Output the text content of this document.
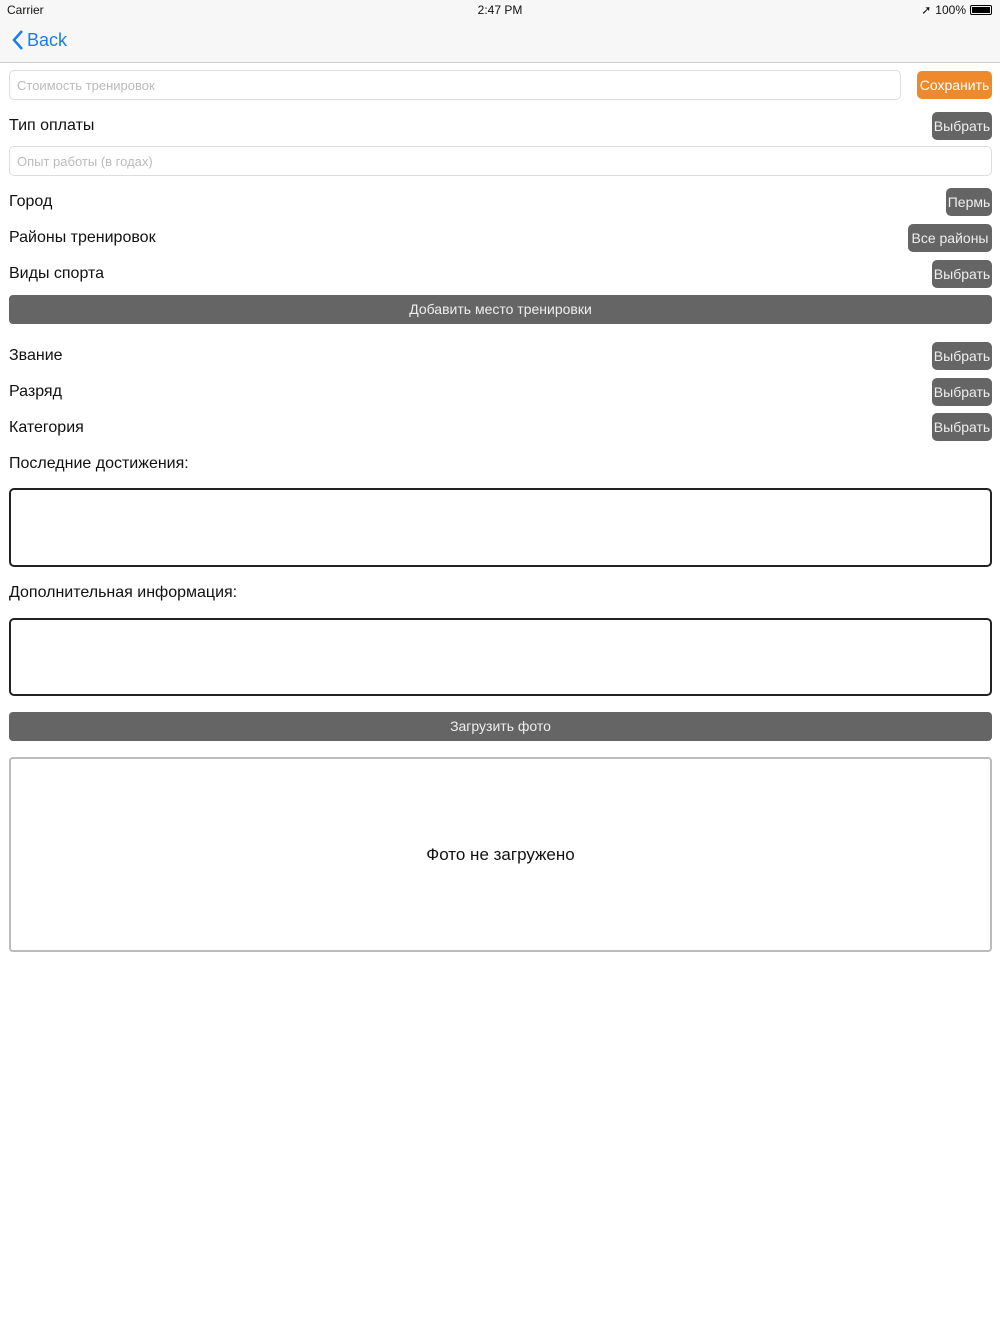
Carrier	2:47 PM	➚ 100%
Back
Стоимость тренировок	Сохранить
Тип оплаты	Выбрать
Опыт работы (в годах)
Город	Пермь
Районы тренировок	Все районы
Виды спорта	Выбрать
Добавить место тренировки
Звание	Выбрать
Разряд	Выбрать
Категория	Выбрать
Последние достижения:
Дополнительная информация:
Загрузить фото
Фото не загружено
